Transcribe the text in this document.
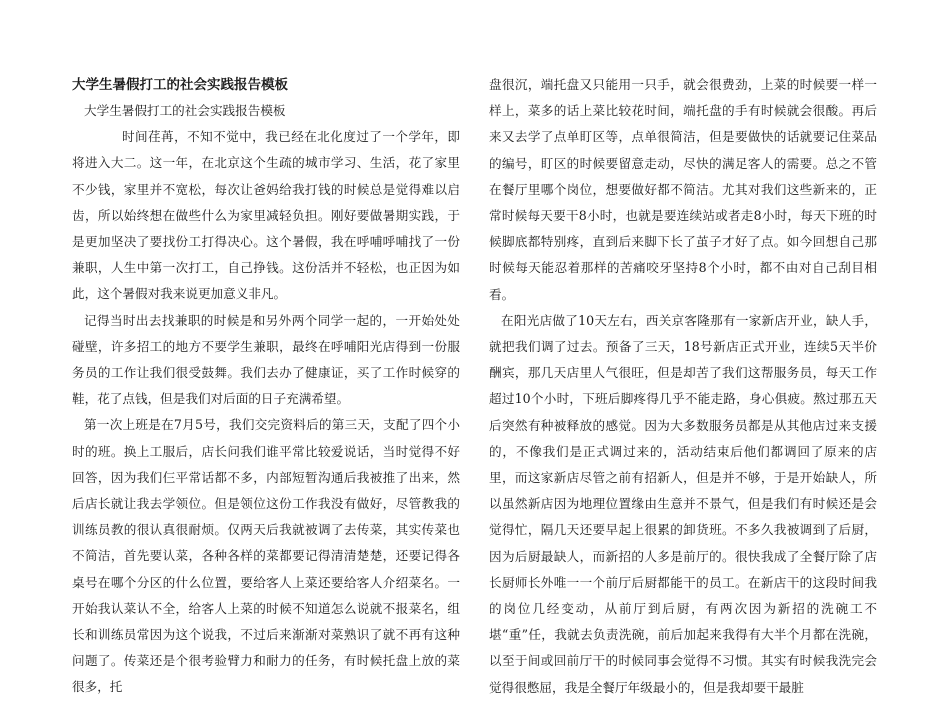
大学生暑假打工的社会实践报告模板

大学生暑假打工的社会实践报告模板

时间荏苒，不知不觉中，我已经在北化度过了一个学年，即将进入大二。这一年，在北京这个生疏的城市学习、生活，花了家里不少钱，家里并不宽松，每次让爸妈给我打钱的时候总是觉得难以启齿，所以始终想在做些什么为家里减轻负担。刚好要做暑期实践，于是更加坚决了要找份工打得决心。这个暑假，我在呼哺呼哺找了一份兼职，人生中第一次打工，自己挣钱。这份活并不轻松，也正因为如此，这个暑假对我来说更加意义非凡。

记得当时出去找兼职的时候是和另外两个同学一起的，一开始处处碰壁，许多招工的地方不要学生兼职，最终在呼哺阳光店得到一份服务员的工作让我们很受鼓舞。我们去办了健康证，买了工作时候穿的鞋，花了点钱，但是我们对后面的日子充满希望。

第一次上班是在7月5号，我们交完资料后的第三天，支配了四个小时的班。换上工服后，店长问我们谁平常比较爱说话，当时觉得不好回答，因为我们仨平常话都不多，内部短暂沟通后我被推了出来，然后店长就让我去学领位。但是领位这份工作我没有做好，尽管教我的训练员教的很认真很耐烦。仅两天后我就被调了去传菜，其实传菜也不简洁，首先要认菜，各种各样的菜都要记得清清楚楚，还要记得各桌号在哪个分区的什么位置，要给客人上菜还要给客人介绍菜名。一开始我认菜认不全，给客人上菜的时候不知道怎么说就不报菜名，组长和训练员常因为这个说我，不过后来渐渐对菜熟识了就不再有这种问题了。传菜还是个很考验臂力和耐力的任务，有时候托盘上放的菜很多，托

盘很沉，端托盘又只能用一只手，就会很费劲，上菜的时候要一样一样上，菜多的话上菜比较花时间，端托盘的手有时候就会很酸。再后来又去学了点单盯区等，点单很简洁，但是要做快的话就要记住菜品的编号，盯区的时候要留意走动，尽快的满足客人的需要。总之不管在餐厅里哪个岗位，想要做好都不简洁。尤其对我们这些新来的，正常时候每天要干8小时，也就是要连续站或者走8小时，每天下班的时候脚底都特别疼，直到后来脚下长了茧子才好了点。如今回想自己那时候每天能忍着那样的苦痛咬牙坚持8个小时，都不由对自己刮目相看。

在阳光店做了10天左右，西关京客隆那有一家新店开业，缺人手，就把我们调了过去。预备了三天，18号新店正式开业，连续5天半价酬宾，那几天店里人气很旺，但是却苦了我们这帮服务员，每天工作超过10个小时，下班后脚疼得几乎不能走路，身心俱疲。熬过那五天后突然有种被释放的感觉。因为大多数服务员都是从其他店过来支援的，不像我们是正式调过来的，活动结束后他们都调回了原来的店里，而这家新店尽管之前有招新人，但是并不够，于是开始缺人，所以虽然新店因为地理位置缘由生意并不景气，但是我们有时候还是会觉得忙，隔几天还要早起上很累的卸货班。不多久我被调到了后厨，因为后厨最缺人，而新招的人多是前厅的。很快我成了全餐厅除了店长厨师长外唯一一个前厅后厨都能干的员工。在新店干的这段时间我的岗位几经变动，从前厅到后厨，有两次因为新招的洗碗工不堪“重”任，我就去负责洗碗，前后加起来我得有大半个月都在洗碗，以至于间或回前厅干的时候同事会觉得不习惯。其实有时候我洗完会觉得很憋屈，我是全餐厅年级最小的，但是我却要干最脏
